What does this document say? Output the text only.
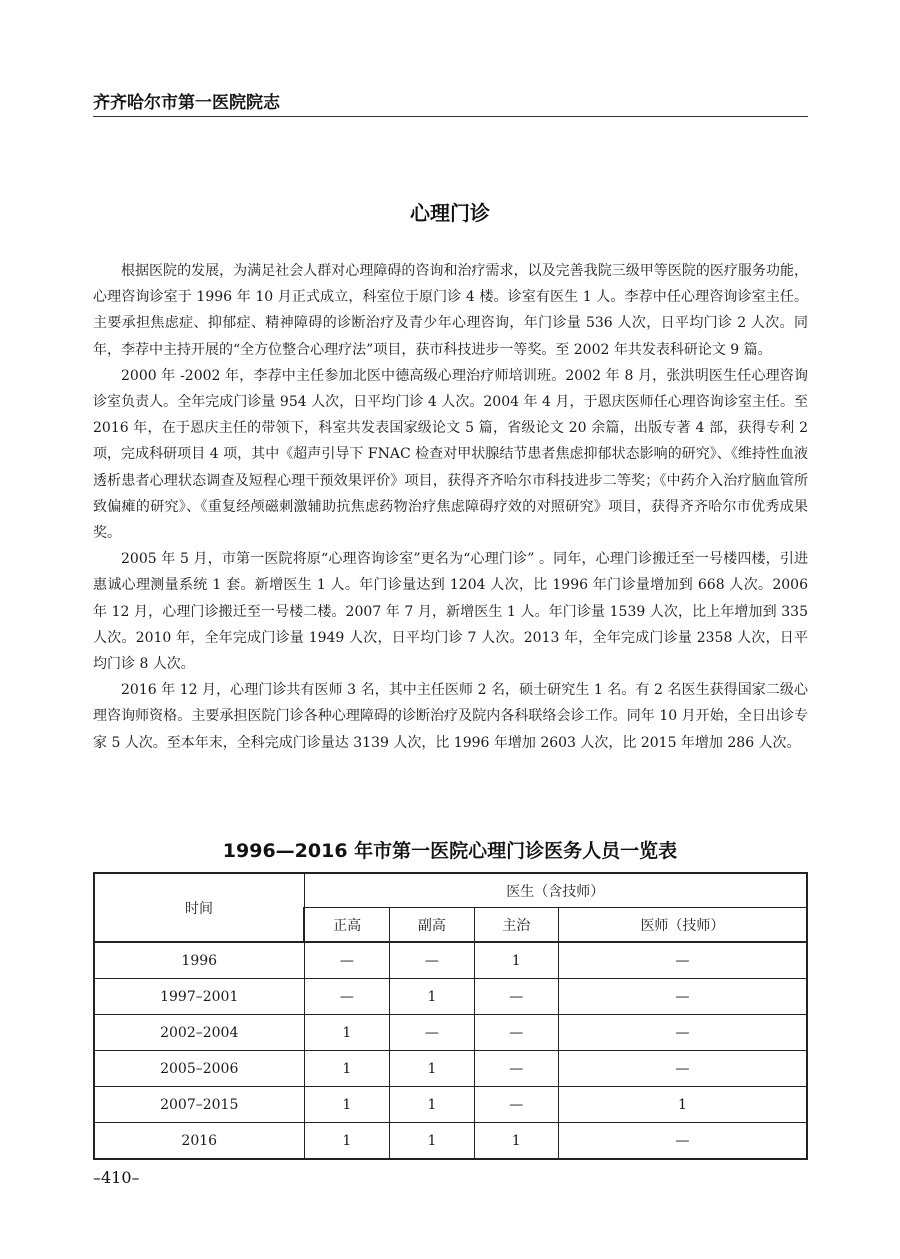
齐齐哈尔市第一医院院志
心理门诊

根据医院的发展，为满足社会人群对心理障碍的咨询和治疗需求，以及完善我院三级甲等医院的医疗服务功能，心理咨询诊室于 1996 年 10 月正式成立，科室位于原门诊 4 楼。诊室有医生 1 人。李荐中任心理咨询诊室主任。主要承担焦虑症、抑郁症、精神障碍的诊断治疗及青少年心理咨询，年门诊量 536 人次，日平均门诊 2 人次。同年，李荐中主持开展的“全方位整合心理疗法”项目，获市科技进步一等奖。至 2002 年共发表科研论文 9 篇。

2000 年 -2002 年，李荐中主任参加北医中德高级心理治疗师培训班。2002 年 8 月，张洪明医生任心理咨询诊室负责人。全年完成门诊量 954 人次，日平均门诊 4 人次。2004 年 4 月，于恩庆医师任心理咨询诊室主任。至 2016 年，在于恩庆主任的带领下，科室共发表国家级论文 5 篇，省级论文 20 余篇，出版专著 4 部，获得专利 2 项，完成科研项目 4 项，其中《超声引导下 FNAC 检查对甲状腺结节患者焦虑抑郁状态影响的研究》、《维持性血液透析患者心理状态调查及短程心理干预效果评价》项目，获得齐齐哈尔市科技进步二等奖；《中药介入治疗脑血管所致偏瘫的研究》、《重复经颅磁刺激辅助抗焦虑药物治疗焦虑障碍疗效的对照研究》项目，获得齐齐哈尔市优秀成果奖。

2005 年 5 月，市第一医院将原“心理咨询诊室”更名为“心理门诊” 。同年，心理门诊搬迁至一号楼四楼，引进惠诚心理测量系统 1 套。新增医生 1 人。年门诊量达到 1204 人次，比 1996 年门诊量增加到 668 人次。2006 年 12 月，心理门诊搬迁至一号楼二楼。2007 年 7 月，新增医生 1 人。年门诊量 1539 人次，比上年增加到 335 人次。2010 年，全年完成门诊量 1949 人次，日平均门诊 7 人次。2013 年，全年完成门诊量 2358 人次，日平均门诊 8 人次。

2016 年 12 月，心理门诊共有医师 3 名，其中主任医师 2 名，硕士研究生 1 名。有 2 名医生获得国家二级心理咨询师资格。主要承担医院门诊各种心理障碍的诊断治疗及院内各科联络会诊工作。同年 10 月开始，全日出诊专家 5 人次。至本年末，全科完成门诊量达 3139 人次，比 1996 年增加 2603 人次，比 2015 年增加 286 人次。

1996—2016 年市第一医院心理门诊医务人员一览表
时间	医生（含技师）			
	正高	副高	主治	医师（技师）
1996	—	—	1	—
1997–2001	—	1	—	—
2002–2004	1	—	—	—
2005–2006	1	1	—	—
2007–2015	1	1	—	1
2016	1	1	1	—
–410–
